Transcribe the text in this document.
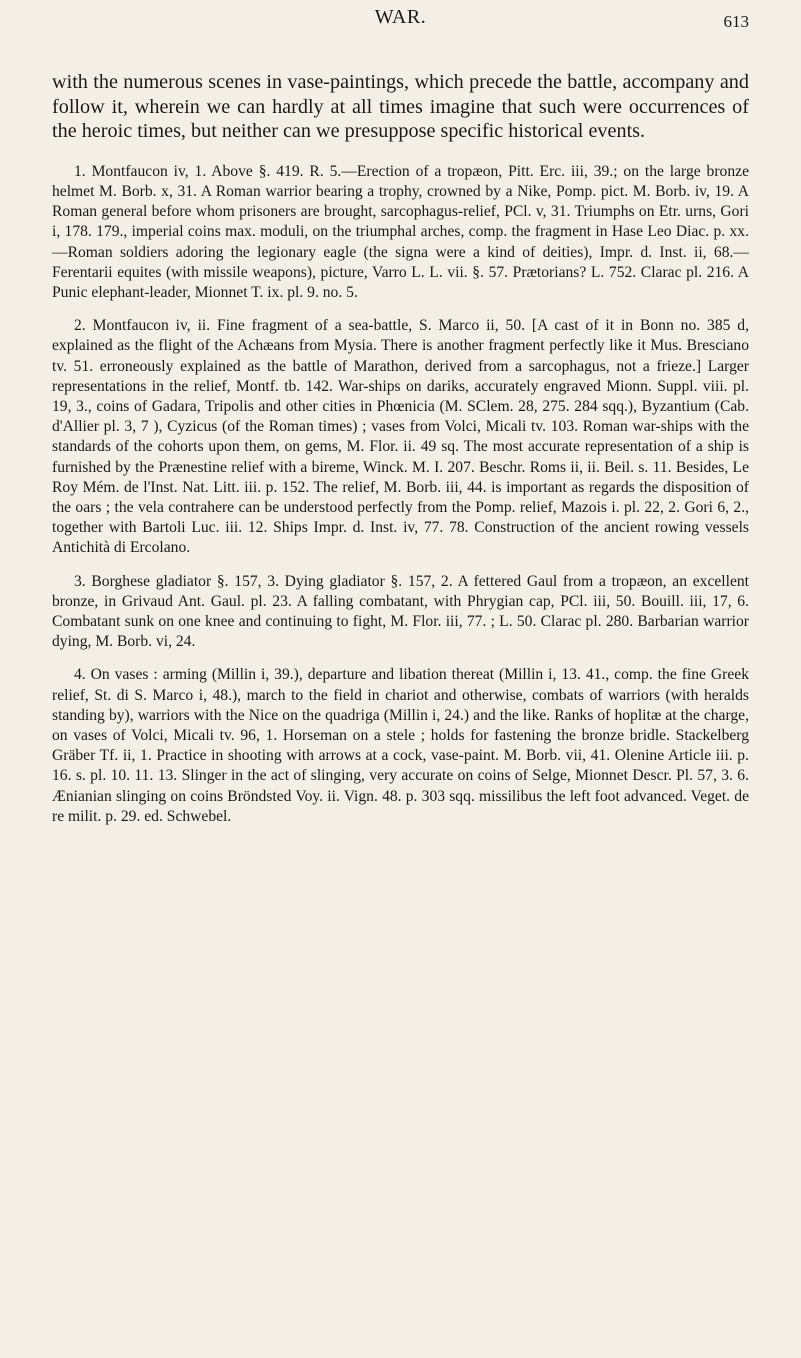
WAR.	613

with the numerous scenes in vase-paintings, which precede the battle, accompany and follow it, wherein we can hardly at all times imagine that such were occurrences of the heroic times, but neither can we presuppose specific historical events.

1. Montfaucon iv, 1. Above §. 419. R. 5.—Erection of a tropæon, Pitt. Erc. iii, 39.; on the large bronze helmet M. Borb. x, 31. A Roman warrior bearing a trophy, crowned by a Nike, Pomp. pict. M. Borb. iv, 19. A Roman general before whom prisoners are brought, sarcophagus-relief, PCl. v, 31. Triumphs on Etr. urns, Gori i, 178. 179., imperial coins max. moduli, on the triumphal arches, comp. the fragment in Hase Leo Diac. p. xx.—Roman soldiers adoring the legionary eagle (the signa were a kind of deities), Impr. d. Inst. ii, 68.—Ferentarii equites (with missile weapons), picture, Varro L. L. vii. §. 57. Prætorians? L. 752. Clarac pl. 216. A Punic elephant-leader, Mionnet T. ix. pl. 9. no. 5.

2. Montfaucon iv, ii. Fine fragment of a sea-battle, S. Marco ii, 50. [A cast of it in Bonn no. 385 d, explained as the flight of the Achæans from Mysia. There is another fragment perfectly like it Mus. Bresciano tv. 51. erroneously explained as the battle of Marathon, derived from a sarcophagus, not a frieze.] Larger representations in the relief, Montf. tb. 142. War-ships on dariks, accurately engraved Mionn. Suppl. viii. pl. 19, 3., coins of Gadara, Tripolis and other cities in Phœnicia (M. SClem. 28, 275. 284 sqq.), Byzantium (Cab. d'Allier pl. 3, 7 ), Cyzicus (of the Roman times) ; vases from Volci, Micali tv. 103. Roman war-ships with the standards of the cohorts upon them, on gems, M. Flor. ii. 49 sq. The most accurate representation of a ship is furnished by the Prænestine relief with a bireme, Winck. M. I. 207. Beschr. Roms ii, ii. Beil. s. 11. Besides, Le Roy Mém. de l'Inst. Nat. Litt. iii. p. 152. The relief, M. Borb. iii, 44. is important as regards the disposition of the oars ; the vela contrahere can be understood perfectly from the Pomp. relief, Mazois i. pl. 22, 2. Gori 6, 2., together with Bartoli Luc. iii. 12. Ships Impr. d. Inst. iv, 77. 78. Construction of the ancient rowing vessels Antichità di Ercolano.

3. Borghese gladiator §. 157, 3. Dying gladiator §. 157, 2. A fettered Gaul from a tropæon, an excellent bronze, in Grivaud Ant. Gaul. pl. 23. A falling combatant, with Phrygian cap, PCl. iii, 50. Bouill. iii, 17, 6. Combatant sunk on one knee and continuing to fight, M. Flor. iii, 77. ; L. 50. Clarac pl. 280. Barbarian warrior dying, M. Borb. vi, 24.

4. On vases : arming (Millin i, 39.), departure and libation thereat (Millin i, 13. 41., comp. the fine Greek relief, St. di S. Marco i, 48.), march to the field in chariot and otherwise, combats of warriors (with heralds standing by), warriors with the Nice on the quadriga (Millin i, 24.) and the like. Ranks of hoplitæ at the charge, on vases of Volci, Micali tv. 96, 1. Horseman on a stele ; holds for fastening the bronze bridle. Stackelberg Gräber Tf. ii, 1. Practice in shooting with arrows at a cock, vase-paint. M. Borb. vii, 41. Olenine Article iii. p. 16. s. pl. 10. 11. 13. Slinger in the act of slinging, very accurate on coins of Selge, Mionnet Descr. Pl. 57, 3. 6. Ænianian slinging on coins Bröndsted Voy. ii. Vign. 48. p. 303 sqq. missilibus the left foot advanced. Veget. de re milit. p. 29. ed. Schwebel.
